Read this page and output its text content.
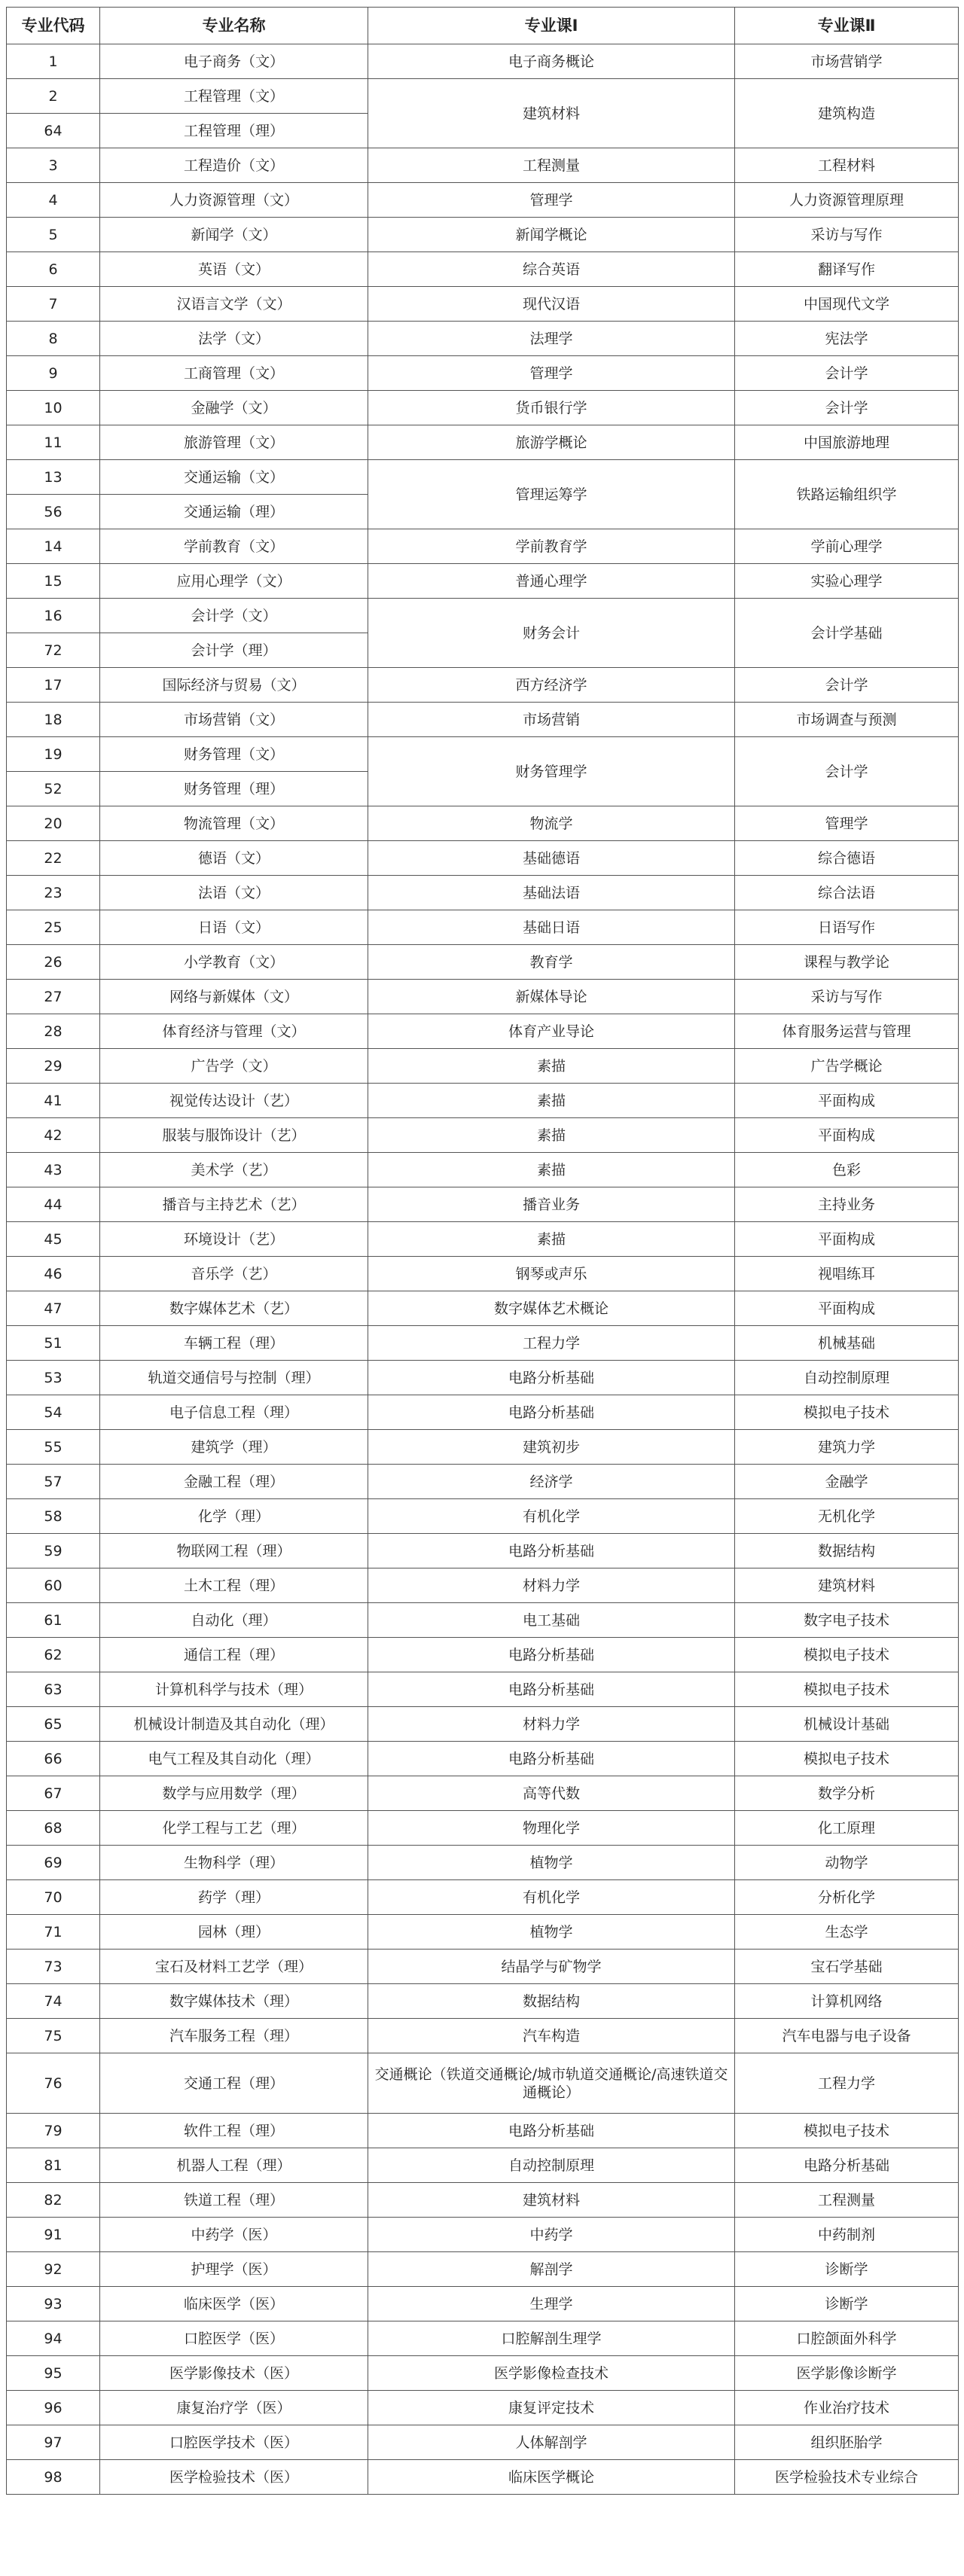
专业代码	专业名称	专业课Ⅰ	专业课Ⅱ
1	电子商务（文）	电子商务概论	市场营销学
2	工程管理（文）	建筑材料	建筑构造
64	工程管理（理）		
3	工程造价（文）	工程测量	工程材料
4	人力资源管理（文）	管理学	人力资源管理原理
5	新闻学（文）	新闻学概论	采访与写作
6	英语（文）	综合英语	翻译写作
7	汉语言文学（文）	现代汉语	中国现代文学
8	法学（文）	法理学	宪法学
9	工商管理（文）	管理学	会计学
10	金融学（文）	货币银行学	会计学
11	旅游管理（文）	旅游学概论	中国旅游地理
13	交通运输（文）	管理运筹学	铁路运输组织学
56	交通运输（理）		
14	学前教育（文）	学前教育学	学前心理学
15	应用心理学（文）	普通心理学	实验心理学
16	会计学（文）	财务会计	会计学基础
72	会计学（理）		
17	国际经济与贸易（文）	西方经济学	会计学
18	市场营销（文）	市场营销	市场调查与预测
19	财务管理（文）	财务管理学	会计学
52	财务管理（理）		
20	物流管理（文）	物流学	管理学
22	德语（文）	基础德语	综合德语
23	法语（文）	基础法语	综合法语
25	日语（文）	基础日语	日语写作
26	小学教育（文）	教育学	课程与教学论
27	网络与新媒体（文）	新媒体导论	采访与写作
28	体育经济与管理（文）	体育产业导论	体育服务运营与管理
29	广告学（文）	素描	广告学概论
41	视觉传达设计（艺）	素描	平面构成
42	服装与服饰设计（艺）	素描	平面构成
43	美术学（艺）	素描	色彩
44	播音与主持艺术（艺）	播音业务	主持业务
45	环境设计（艺）	素描	平面构成
46	音乐学（艺）	钢琴或声乐	视唱练耳
47	数字媒体艺术（艺）	数字媒体艺术概论	平面构成
51	车辆工程（理）	工程力学	机械基础
53	轨道交通信号与控制（理）	电路分析基础	自动控制原理
54	电子信息工程（理）	电路分析基础	模拟电子技术
55	建筑学（理）	建筑初步	建筑力学
57	金融工程（理）	经济学	金融学
58	化学（理）	有机化学	无机化学
59	物联网工程（理）	电路分析基础	数据结构
60	土木工程（理）	材料力学	建筑材料
61	自动化（理）	电工基础	数字电子技术
62	通信工程（理）	电路分析基础	模拟电子技术
63	计算机科学与技术（理）	电路分析基础	模拟电子技术
65	机械设计制造及其自动化（理）	材料力学	机械设计基础
66	电气工程及其自动化（理）	电路分析基础	模拟电子技术
67	数学与应用数学（理）	高等代数	数学分析
68	化学工程与工艺（理）	物理化学	化工原理
69	生物科学（理）	植物学	动物学
70	药学（理）	有机化学	分析化学
71	园林（理）	植物学	生态学
73	宝石及材料工艺学（理）	结晶学与矿物学	宝石学基础
74	数字媒体技术（理）	数据结构	计算机网络
75	汽车服务工程（理）	汽车构造	汽车电器与电子设备
76	交通工程（理）	交通概论（铁道交通概论/城市轨道交通概论/高速铁道交通概论）	工程力学
79	软件工程（理）	电路分析基础	模拟电子技术
81	机器人工程（理）	自动控制原理	电路分析基础
82	铁道工程（理）	建筑材料	工程测量
91	中药学（医）	中药学	中药制剂
92	护理学（医）	解剖学	诊断学
93	临床医学（医）	生理学	诊断学
94	口腔医学（医）	口腔解剖生理学	口腔颌面外科学
95	医学影像技术（医）	医学影像检查技术	医学影像诊断学
96	康复治疗学（医）	康复评定技术	作业治疗技术
97	口腔医学技术（医）	人体解剖学	组织胚胎学
98	医学检验技术（医）	临床医学概论	医学检验技术专业综合
